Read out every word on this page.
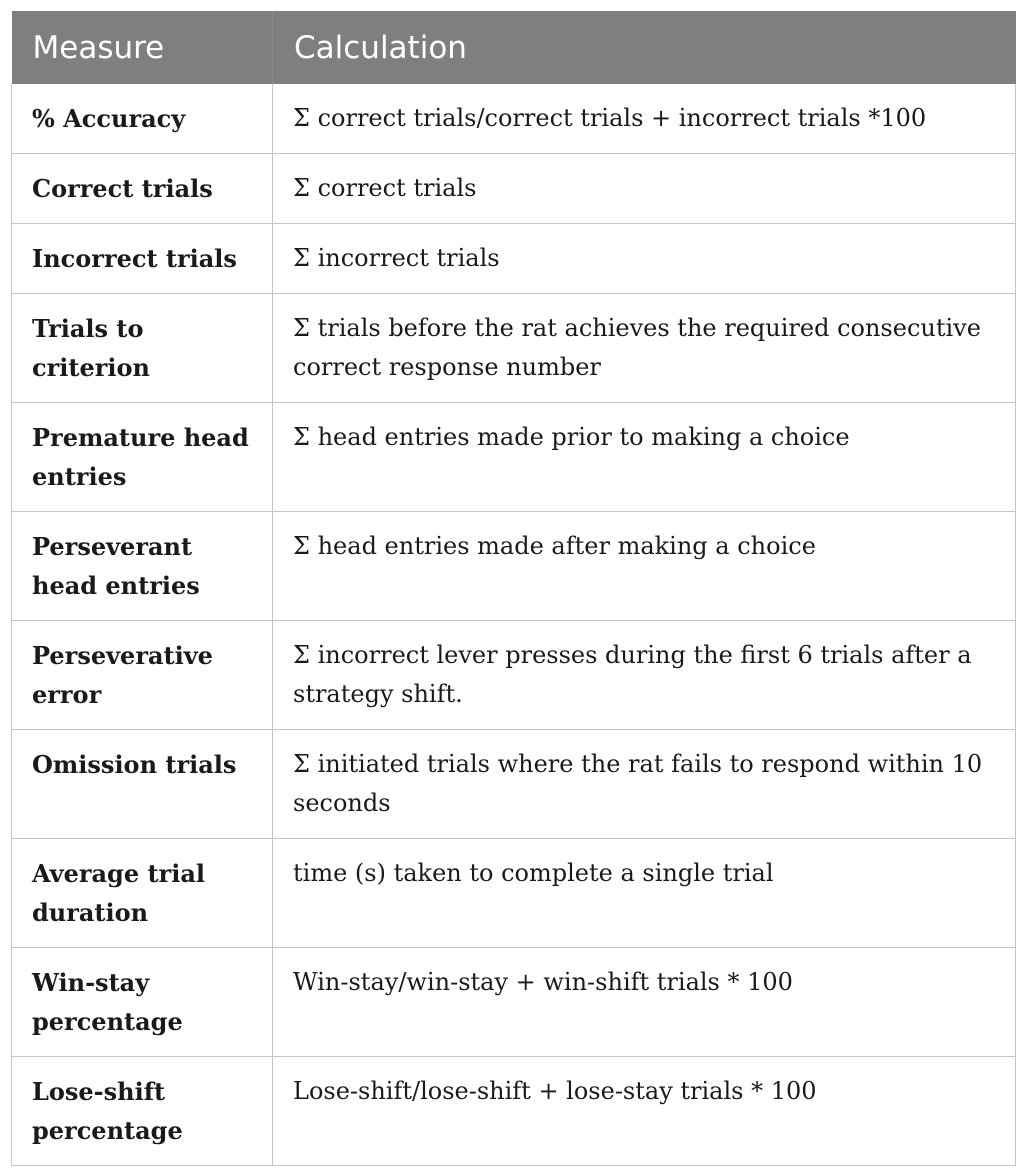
Measure	Calculation
% Accuracy	Σ correct trials/correct trials + incorrect trials *100
Correct trials	Σ correct trials
Incorrect trials	Σ incorrect trials
Trials to criterion	Σ trials before the rat achieves the required consecutive correct response number
Premature head entries	Σ head entries made prior to making a choice
Perseverant head entries	Σ head entries made after making a choice
Perseverative error	Σ incorrect lever presses during the first 6 trials after a strategy shift.
Omission trials	Σ initiated trials where the rat fails to respond within 10 seconds
Average trial duration	time (s) taken to complete a single trial
Win-stay percentage	Win-stay/win-stay + win-shift trials * 100
Lose-shift percentage	Lose-shift/lose-shift + lose-stay trials * 100
